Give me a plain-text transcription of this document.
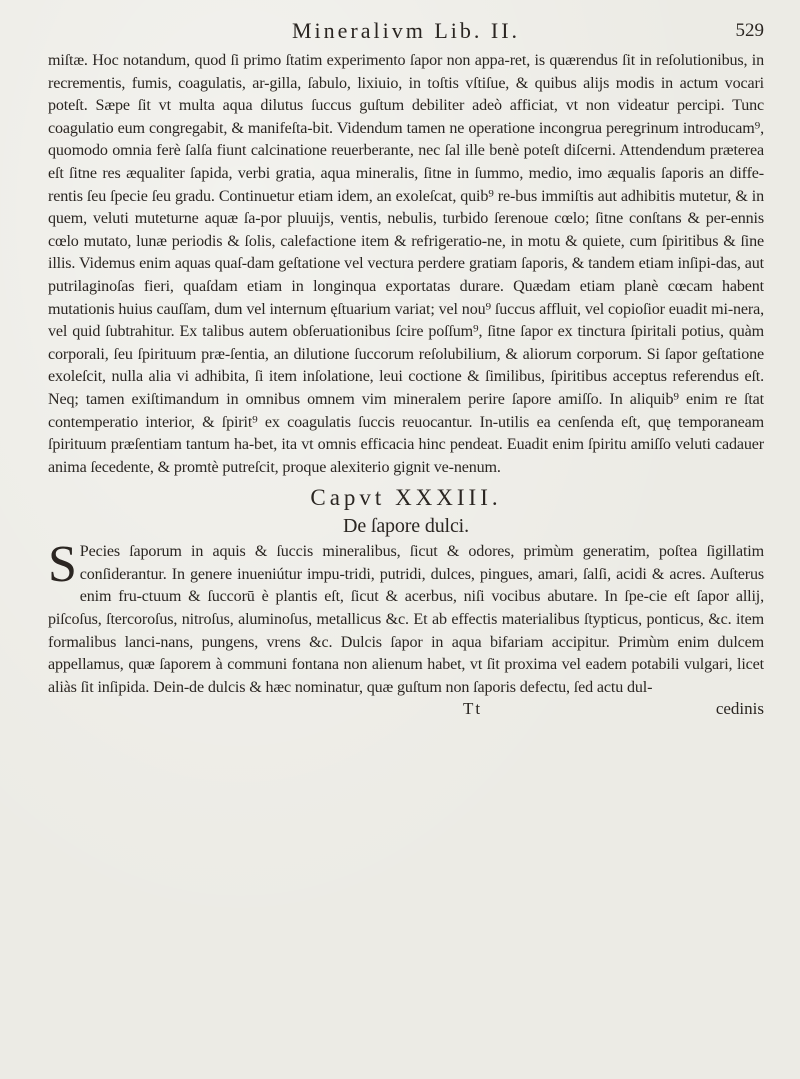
Mineralivm Lib. II.	529

miſtæ. Hoc notandum, quod ſi primo ſtatim experimento ſapor non appa-ret, is quærendus ſit in reſolutionibus, in recrementis, fumis, coagulatis, ar-gilla, ſabulo, lixiuio, in toſtis vſtiſue, & quibus alijs modis in actum vocari poteſt. Sæpe ſit vt multa aqua dilutus ſuccus guſtum debiliter adeò afficiat, vt non videatur percipi. Tunc coagulatio eum congregabit, & manifeſta-bit. Videndum tamen ne operatione incongrua peregrinum introducam⁹, quomodo omnia ferè ſalſa fiunt calcinatione reuerberante, nec ſal ille benè poteſt diſcerni. Attendendum præterea eſt ſitne res æqualiter ſapida, verbi gratia, aqua mineralis, ſitne in ſummo, medio, imo æqualis ſaporis an diffe-rentis ſeu ſpecie ſeu gradu. Continuetur etiam idem, an exoleſcat, quib⁹ re-bus immiſtis aut adhibitis mutetur, & in quem, veluti muteturne aquæ ſa-por pluuijs, ventis, nebulis, turbido ſerenoue cœlo; ſitne conſtans & per-ennis cœlo mutato, lunæ periodis & ſolis, calefactione item & refrigeratio-ne, in motu & quiete, cum ſpiritibus & ſine illis. Videmus enim aquas quaſ-dam geſtatione vel vectura perdere gratiam ſaporis, & tandem etiam inſipi-das, aut putrilaginoſas fieri, quaſdam etiam in longinqua exportatas durare. Quædam etiam planè cœcam habent mutationis huius cauſſam, dum vel internum ęſtuarium variat; vel nou⁹ ſuccus affluit, vel copioſior euadit mi-nera, vel quid ſubtrahitur. Ex talibus autem obſeruationibus ſcire poſſum⁹, ſitne ſapor ex tinctura ſpiritali potius, quàm corporali, ſeu ſpirituum præ-ſentia, an dilutione ſuccorum reſolubilium, & aliorum corporum. Si ſapor geſtatione exoleſcit, nulla alia vi adhibita, ſi item inſolatione, leui coctione & ſimilibus, ſpiritibus acceptus referendus eſt. Neq; tamen exiſtimandum in omnibus omnem vim mineralem perire ſapore amiſſo. In aliquib⁹ enim re ſtat contemperatio interior, & ſpirit⁹ ex coagulatis ſuccis reuocantur. In-utilis ea cenſenda eſt, quę temporaneam ſpirituum præſentiam tantum ha-bet, ita vt omnis efficacia hinc pendeat. Euadit enim ſpiritu amiſſo veluti cadauer anima ſecedente, & promtè putreſcit, proque alexiterio gignit ve-nenum.

Capvt XXXIII.
De ſapore dulci.

S Pecies ſaporum in aquis & ſuccis mineralibus, ſicut & odores, primùm generatim, poſtea ſigillatim conſiderantur. In genere inueniútur impu-tridi, putridi, dulces, pingues, amari, ſalſi, acidi & acres. Auſterus enim fru-ctuum & ſuccorū è plantis eſt, ſicut & acerbus, niſi vocibus abutare. In ſpe-cie eſt ſapor allij, piſcoſus, ſtercoroſus, nitroſus, aluminoſus, metallicus &c. Et ab effectis materialibus ſtypticus, ponticus, &c. item formalibus lanci-nans, pungens, vrens &c. Dulcis ſapor in aqua bifariam accipitur. Primùm enim dulcem appellamus, quæ ſaporem à communi fontana non alienum habet, vt ſit proxima vel eadem potabili vulgari, licet aliàs ſit inſipida. Dein-de dulcis & hæc nominatur, quæ guſtum non ſaporis defectu, ſed actu dul-

Tt	cedinis
